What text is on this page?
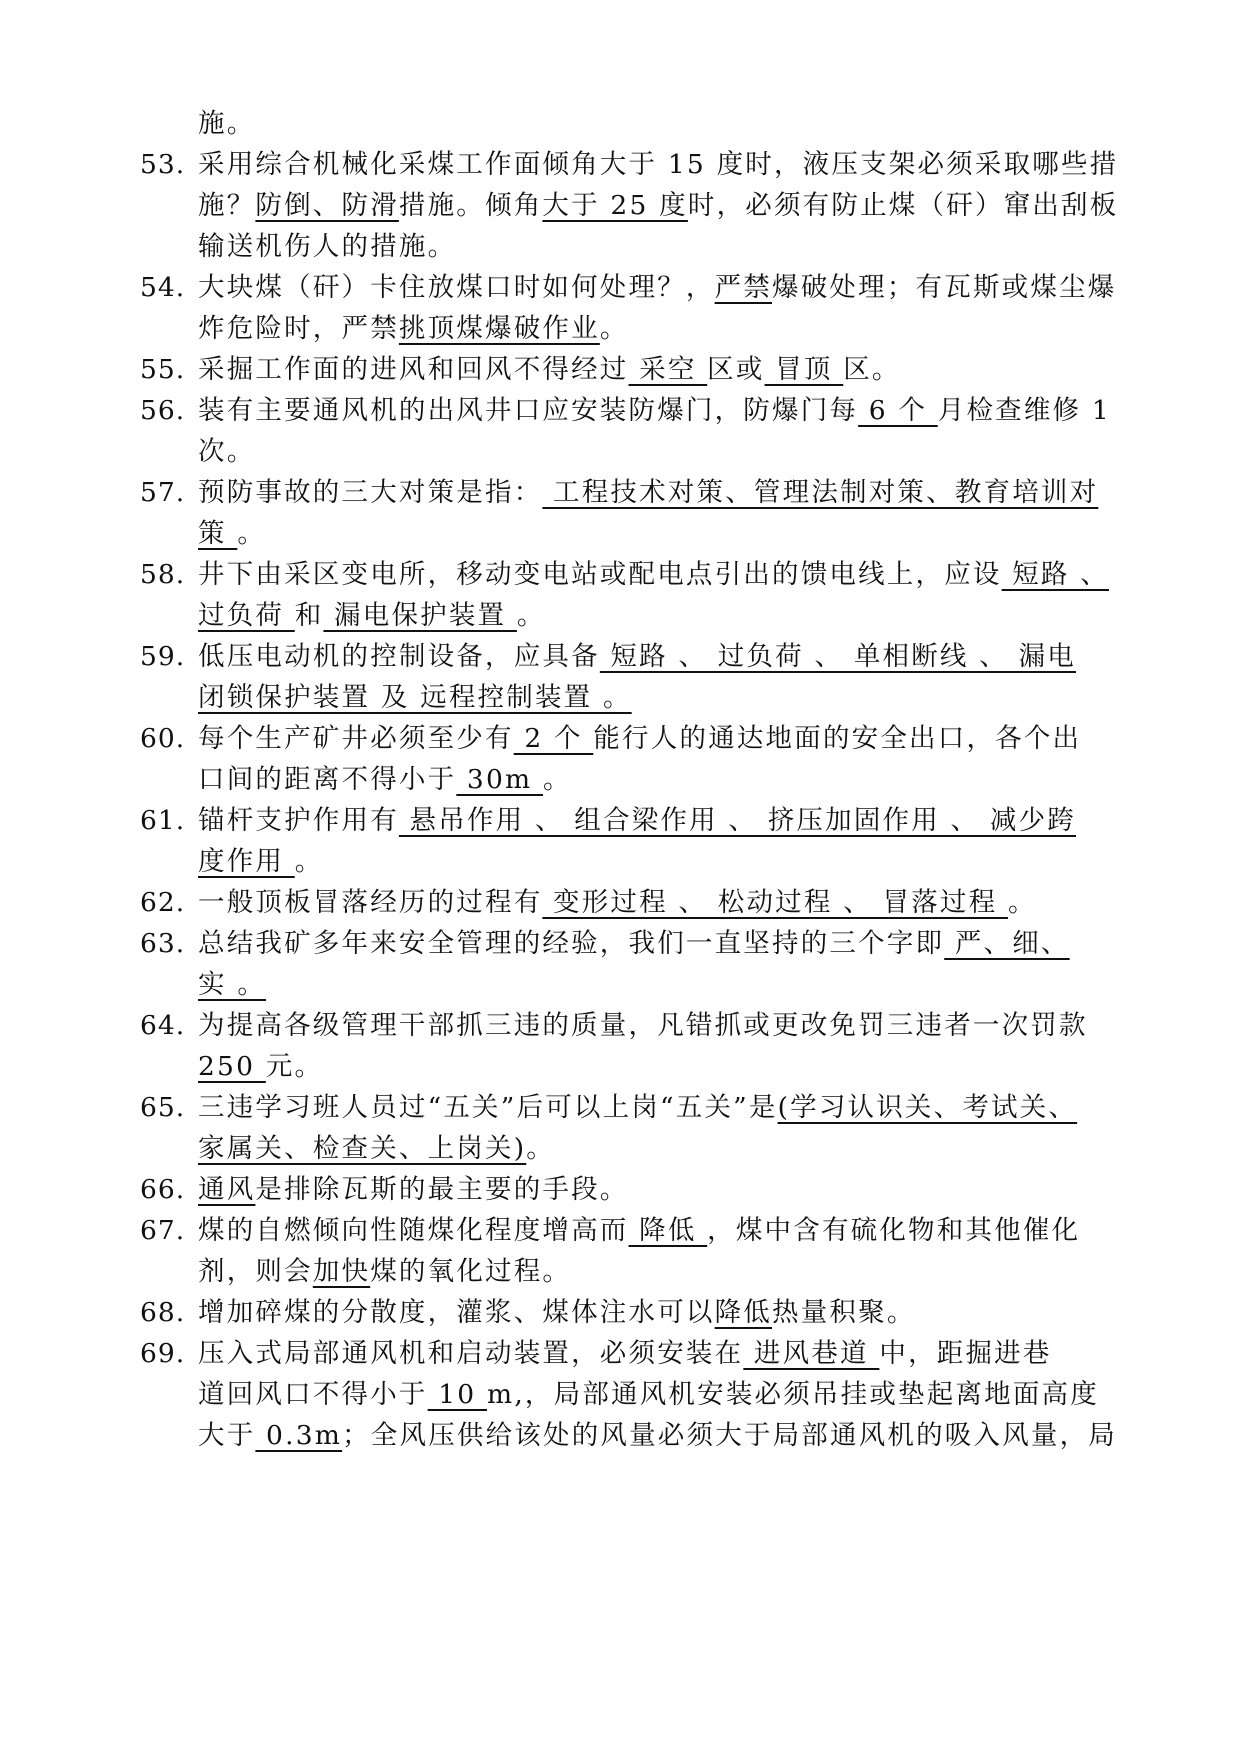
施。
53. 采用综合机械化采煤工作面倾角大于 15 度时，液压支架必须采取哪些措
施？防倒、防滑措施。倾角大于 25 度时，必须有防止煤（矸）窜出刮板
输送机伤人的措施。
54. 大块煤（矸）卡住放煤口时如何处理？，严禁爆破处理；有瓦斯或煤尘爆
炸危险时，严禁挑顶煤爆破作业。
55. 采掘工作面的进风和回风不得经过 采空 区或 冒顶 区。
56. 装有主要通风机的出风井口应安装防爆门，防爆门每 6 个 月检查维修 1
次。
57. 预防事故的三大对策是指： 工程技术对策、管理法制对策、教育培训对
策 。
58. 井下由采区变电所，移动变电站或配电点引出的馈电线上，应设 短路 、
过负荷 和 漏电保护装置 。
59. 低压电动机的控制设备，应具备 短路 、 过负荷 、 单相断线 、 漏电
闭锁保护装置 及 远程控制装置 。
60. 每个生产矿井必须至少有 2 个 能行人的通达地面的安全出口，各个出
口间的距离不得小于 30m 。
61. 锚杆支护作用有 悬吊作用 、 组合梁作用 、 挤压加固作用 、 减少跨
度作用 。
62. 一般顶板冒落经历的过程有 变形过程 、 松动过程 、 冒落过程 。
63. 总结我矿多年来安全管理的经验，我们一直坚持的三个字即 严、细、
实 。
64. 为提高各级管理干部抓三违的质量，凡错抓或更改免罚三违者一次罚款
250 元。
65. 三违学习班人员过“五关”后可以上岗“五关”是(学习认识关、考试关、
家属关、检查关、上岗关)。
66. 通风是排除瓦斯的最主要的手段。
67. 煤的自燃倾向性随煤化程度增高而 降低 ，煤中含有硫化物和其他催化
剂，则会加快煤的氧化过程。
68. 增加碎煤的分散度，灌浆、煤体注水可以降低热量积聚。
69. 压入式局部通风机和启动装置，必须安装在 进风巷道 中，距掘进巷
道回风口不得小于 10 m,，局部通风机安装必须吊挂或垫起离地面高度
大于 0.3m；全风压供给该处的风量必须大于局部通风机的吸入风量，局
